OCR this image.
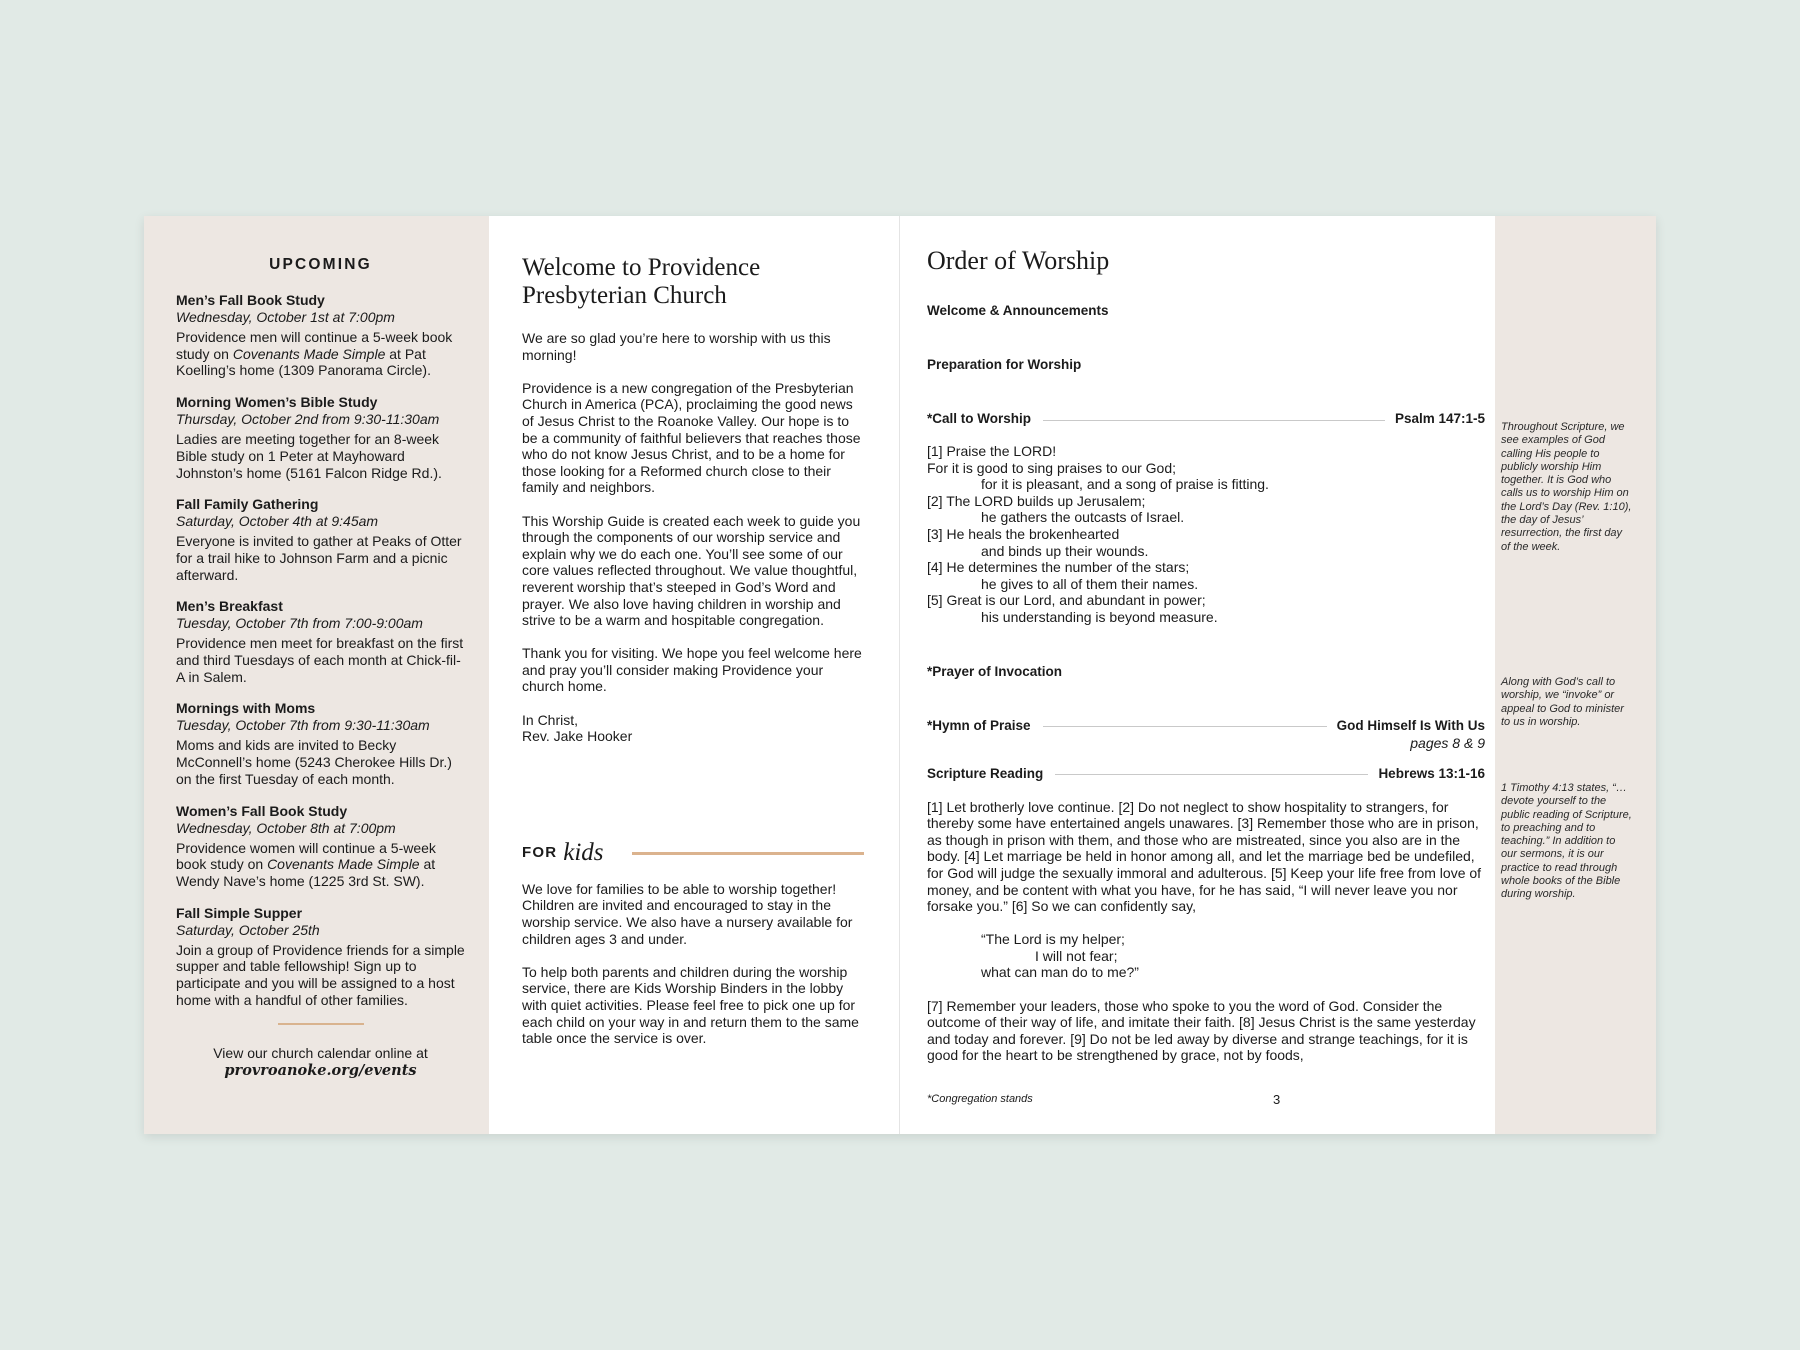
UPCOMING
Men’s Fall Book Study
Wednesday, October 1st at 7:00pm
Providence men will continue a 5-week book study on Covenants Made Simple at Pat Koelling’s home (1309 Panorama Circle).
Morning Women’s Bible Study
Thursday, October 2nd from 9:30-11:30am
Ladies are meeting together for an 8-week Bible study on 1 Peter at Mayhoward Johnston’s home (5161 Falcon Ridge Rd.).
Fall Family Gathering
Saturday, October 4th at 9:45am
Everyone is invited to gather at Peaks of Otter for a trail hike to Johnson Farm and a picnic afterward.
Men’s Breakfast
Tuesday, October 7th from 7:00-9:00am
Providence men meet for breakfast on the first and third Tuesdays of each month at Chick-fil-A in Salem.
Mornings with Moms
Tuesday, October 7th from 9:30-11:30am
Moms and kids are invited to Becky McConnell’s home (5243 Cherokee Hills Dr.) on the first Tuesday of each month.
Women’s Fall Book Study
Wednesday, October 8th at 7:00pm
Providence women will continue a 5-week book study on Covenants Made Simple at Wendy Nave’s home (1225 3rd St. SW).
Fall Simple Supper
Saturday, October 25th
Join a group of Providence friends for a simple supper and table fellowship! Sign up to participate and you will be assigned to a host home with a handful of other families.
View our church calendar online at
provroanoke.org/events
Welcome to Providence
Presbyterian Church

We are so glad you’re here to worship with us this morning!

Providence is a new congregation of the Presbyterian Church in America (PCA), proclaiming the good news of Jesus Christ to the Roanoke Valley. Our hope is to be a community of faithful believers that reaches those who do not know Jesus Christ, and to be a home for those looking for a Reformed church close to their family and neighbors.

This Worship Guide is created each week to guide you through the components of our worship service and explain why we do each one. You’ll see some of our core values reflected throughout. We value thoughtful, reverent worship that’s steeped in God’s Word and prayer. We also love having children in worship and strive to be a warm and hospitable congregation.

Thank you for visiting. We hope you feel welcome here and pray you’ll consider making Providence your church home.

In Christ,
Rev. Jake Hooker

FOR kids

We love for families to be able to worship together! Children are invited and encouraged to stay in the worship service. We also have a nursery available for children ages 3 and under.

To help both parents and children during the worship service, there are Kids Worship Binders in the lobby with quiet activities. Please feel free to pick one up for each child on your way in and return them to the same table once the service is over.

Order of Worship
Welcome & Announcements
Preparation for Worship
*Call to Worship	Psalm 147:1-5
[1] Praise the LORD!
For it is good to sing praises to our God;
for it is pleasant, and a song of praise is fitting.
[2] The LORD builds up Jerusalem;
he gathers the outcasts of Israel.
[3] He heals the brokenhearted
and binds up their wounds.
[4] He determines the number of the stars;
he gives to all of them their names.
[5] Great is our Lord, and abundant in power;
his understanding is beyond measure.
*Prayer of Invocation
*Hymn of Praise	God Himself Is With Us
pages 8 & 9
Scripture Reading	Hebrews 13:1-16
[1] Let brotherly love continue. [2] Do not neglect to show hospitality to strangers, for thereby some have entertained angels unawares. [3] Remember those who are in prison, as though in prison with them, and those who are mistreated, since you also are in the body. [4] Let marriage be held in honor among all, and let the marriage bed be undefiled, for God will judge the sexually immoral and adulterous. [5] Keep your life free from love of money, and be content with what you have, for he has said, “I will never leave you nor forsake you.” [6] So we can confidently say,
“The Lord is my helper;
I will not fear;
what can man do to me?”
[7] Remember your leaders, those who spoke to you the word of God. Consider the outcome of their way of life, and imitate their faith. [8] Jesus Christ is the same yesterday and today and forever. [9] Do not be led away by diverse and strange teachings, for it is good for the heart to be strengthened by grace, not by foods,
*Congregation stands	3
Throughout Scripture, we see examples of God calling His people to publicly worship Him together. It is God who calls us to worship Him on the Lord’s Day (Rev. 1:10), the day of Jesus’ resurrection, the first day of the week.
Along with God’s call to worship, we “invoke” or appeal to God to minister to us in worship.
1 Timothy 4:13 states, “…devote yourself to the public reading of Scripture, to preaching and to teaching.” In addition to our sermons, it is our practice to read through whole books of the Bible during worship.
